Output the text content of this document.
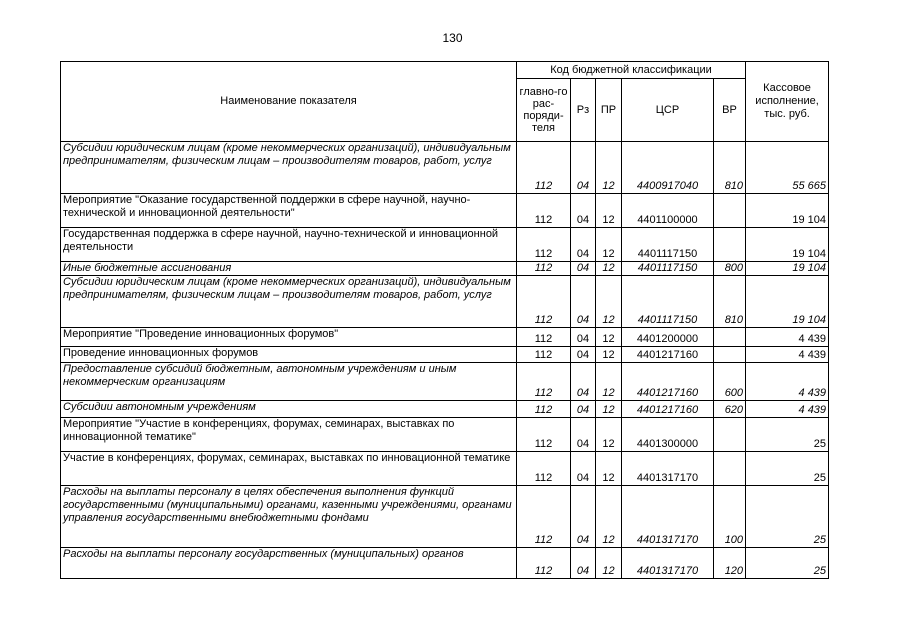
130
Наименование показателя	Код бюджетной классификации					Кассовое исполнение, тыс. руб.
	главно-го рас-поряди-теля	Рз	ПР	ЦСР	ВР	
Субсидии юридическим лицам (кроме некоммерческих организаций), индивидуальным предпринимателям, физическим лицам – производителям товаров, работ, услуг	112	04	12	4400917040	810	55 665
Мероприятие "Оказание государственной поддержки в сфере научной, научно-технической и инновационной деятельности"	112	04	12	4401100000		19 104
Государственная поддержка в сфере научной, научно-технической и инновационной деятельности	112	04	12	4401117150		19 104
Иные бюджетные ассигнования	112	04	12	4401117150	800	19 104
Субсидии юридическим лицам (кроме некоммерческих организаций), индивидуальным предпринимателям, физическим лицам – производителям товаров, работ, услуг	112	04	12	4401117150	810	19 104
Мероприятие "Проведение инновационных форумов"	112	04	12	4401200000		4 439
Проведение инновационных форумов	112	04	12	4401217160		4 439
Предоставление субсидий бюджетным, автономным учреждениям и иным некоммерческим организациям	112	04	12	4401217160	600	4 439
Субсидии автономным учреждениям	112	04	12	4401217160	620	4 439
Мероприятие "Участие в конференциях, форумах, семинарах, выставках по инновационной тематике"	112	04	12	4401300000		25
Участие в конференциях, форумах, семинарах, выставках по инновационной тематике	112	04	12	4401317170		25
Расходы на выплаты персоналу в целях обеспечения выполнения функций государственными (муниципальными) органами, казенными учреждениями, органами управления государственными внебюджетными фондами	112	04	12	4401317170	100	25
Расходы на выплаты персоналу государственных (муниципальных) органов	112	04	12	4401317170	120	25
